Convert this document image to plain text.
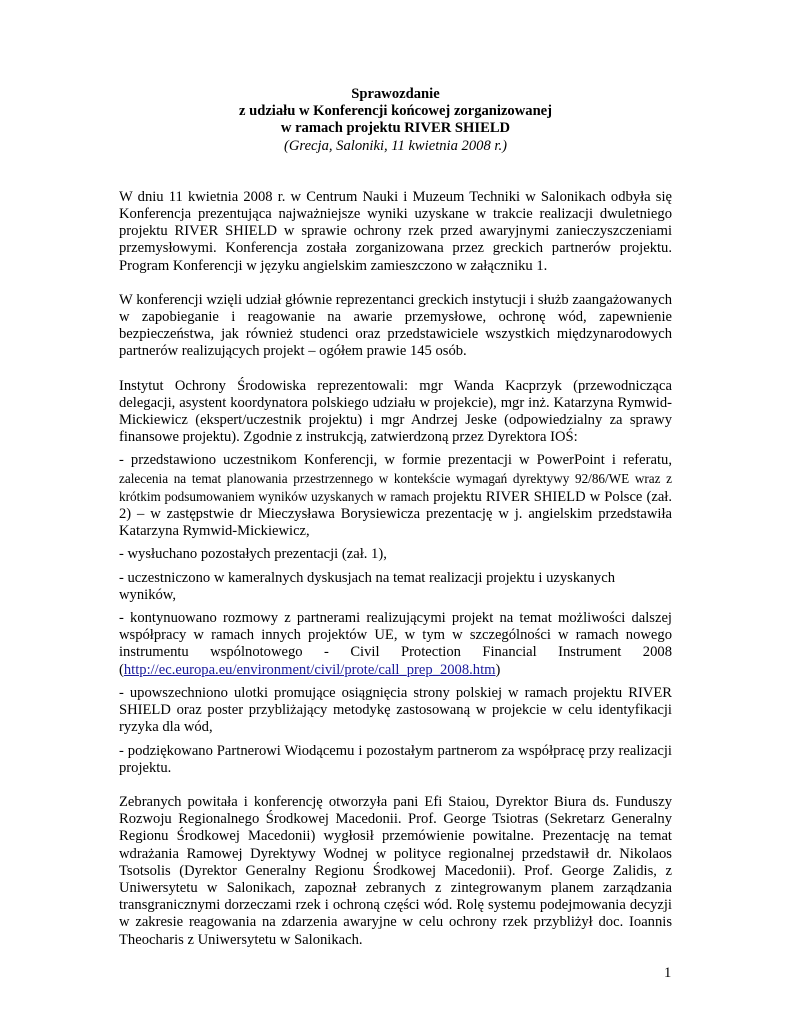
Sprawozdanie
z udziału w Konferencji końcowej zorganizowanej
w ramach projektu RIVER SHIELD
(Grecja, Saloniki, 11 kwietnia 2008 r.)

W dniu 11 kwietnia 2008 r. w Centrum Nauki i Muzeum Techniki w Salonikach odbyła się Konferencja prezentująca najważniejsze wyniki uzyskane w trakcie realizacji dwuletniego projektu RIVER SHIELD w sprawie ochrony rzek przed awaryjnymi zanieczyszczeniami przemysłowymi. Konferencja została zorganizowana przez greckich partnerów projektu. Program Konferencji w języku angielskim zamieszczono w załączniku 1.

W konferencji wzięli udział głównie reprezentanci greckich instytucji i służb zaangażowanych w zapobieganie i reagowanie na awarie przemysłowe, ochronę wód, zapewnienie bezpieczeństwa, jak również studenci oraz przedstawiciele wszystkich międzynarodowych partnerów realizujących projekt – ogółem prawie 145 osób.

Instytut Ochrony Środowiska reprezentowali: mgr Wanda Kacprzyk (przewodnicząca delegacji, asystent koordynatora polskiego udziału w projekcie), mgr inż. Katarzyna Rymwid-Mickiewicz (ekspert/uczestnik projektu) i mgr Andrzej Jeske (odpowiedzialny za sprawy finansowe projektu). Zgodnie z instrukcją, zatwierdzoną przez Dyrektora IOŚ:

- przedstawiono uczestnikom Konferencji, w formie prezentacji w PowerPoint i referatu, zalecenia na temat planowania przestrzennego w kontekście wymagań dyrektywy 92/86/WE wraz z krótkim podsumowaniem wyników uzyskanych w ramach projektu RIVER SHIELD w Polsce (zał. 2) – w zastępstwie dr Mieczysława Borysiewicza prezentację w j. angielskim przedstawiła Katarzyna Rymwid-Mickiewicz,

- wysłuchano pozostałych prezentacji (zał. 1),

- uczestniczono w kameralnych dyskusjach na temat realizacji projektu i uzyskanych wyników,

- kontynuowano rozmowy z partnerami realizującymi projekt na temat możliwości dalszej współpracy w ramach innych projektów UE, w tym w szczególności w ramach nowego instrumentu wspólnotowego - Civil Protection Financial Instrument 2008 (http://ec.europa.eu/environment/civil/prote/call_prep_2008.htm)

- upowszechniono ulotki promujące osiągnięcia strony polskiej w ramach projektu RIVER SHIELD oraz poster przybliżający metodykę zastosowaną w projekcie w celu identyfikacji ryzyka dla wód,

- podziękowano Partnerowi Wiodącemu i pozostałym partnerom za współpracę przy realizacji projektu.

Zebranych powitała i konferencję otworzyła pani Efi Staiou, Dyrektor Biura ds. Funduszy Rozwoju Regionalnego Środkowej Macedonii. Prof. George Tsiotras (Sekretarz Generalny Regionu Środkowej Macedonii) wygłosił przemówienie powitalne. Prezentację na temat wdrażania Ramowej Dyrektywy Wodnej w polityce regionalnej przedstawił dr. Nikolaos Tsotsolis (Dyrektor Generalny Regionu Środkowej Macedonii). Prof. George Zalidis, z Uniwersytetu w Salonikach, zapoznał zebranych z zintegrowanym planem zarządzania transgranicznymi dorzeczami rzek i ochroną części wód. Rolę systemu podejmowania decyzji w zakresie reagowania na zdarzenia awaryjne w celu ochrony rzek przybliżył doc. Ioannis Theocharis z Uniwersytetu w Salonikach.

1
